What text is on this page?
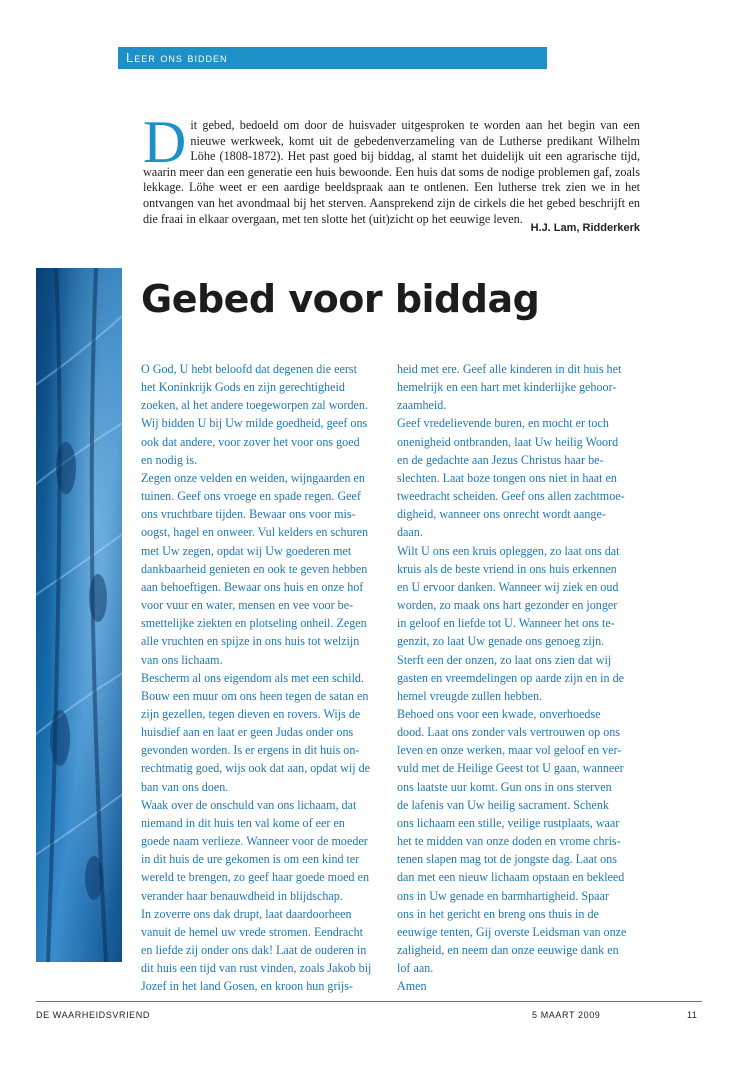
Leer ons bidden
Dit gebed, bedoeld om door de huisvader uitgesproken te worden aan het begin van een nieuwe werkweek, komt uit de gebedenverzameling van de Lutherse predikant Wilhelm Löhe (1808-1872). Het past goed bij biddag, al stamt het duidelijk uit een agrarische tijd, waarin meer dan een generatie een huis bewoonde. Een huis dat soms de nodige problemen gaf, zoals lekkage. Löhe weet er een aardige beeldspraak aan te ontlenen. Een lutherse trek zien we in het ontvangen van het avondmaal bij het sterven. Aansprekend zijn de cirkels die het gebed beschrijft en die fraai in elkaar overgaan, met ten slotte het (uit)zicht op het eeuwige leven.
H.J. Lam, Ridderkerk
Gebed voor biddag
O God, U hebt beloofd dat degenen die eerst
het Koninkrijk Gods en zijn gerechtigheid
zoeken, al het andere toegeworpen zal worden.
Wij bidden U bij Uw milde goedheid, geef ons
ook dat andere, voor zover het voor ons goed
en nodig is.
Zegen onze velden en weiden, wijngaarden en
tuinen. Geef ons vroege en spade regen. Geef
ons vruchtbare tijden. Bewaar ons voor mis-
oogst, hagel en onweer. Vul kelders en schuren
met Uw zegen, opdat wij Uw goederen met
dankbaarheid genieten en ook te geven hebben
aan behoeftigen. Bewaar ons huis en onze hof
voor vuur en water, mensen en vee voor be-
smettelijke ziekten en plotseling onheil. Zegen
alle vruchten en spijze in ons huis tot welzijn
van ons lichaam.
Bescherm al ons eigendom als met een schild.
Bouw een muur om ons heen tegen de satan en
zijn gezellen, tegen dieven en rovers. Wijs de
huisdief aan en laat er geen Judas onder ons
gevonden worden. Is er ergens in dit huis on-
rechtmatig goed, wijs ook dat aan, opdat wij de
ban van ons doen.
Waak over de onschuld van ons lichaam, dat
niemand in dit huis ten val kome of eer en
goede naam verlieze. Wanneer voor de moeder
in dit huis de ure gekomen is om een kind ter
wereld te brengen, zo geef haar goede moed en
verander haar benauwdheid in blijdschap.
In zoverre ons dak drupt, laat daardoorheen
vanuit de hemel uw vrede stromen. Eendracht
en liefde zij onder ons dak! Laat de ouderen in
dit huis een tijd van rust vinden, zoals Jakob bij
Jozef in het land Gosen, en kroon hun grijs-
heid met ere. Geef alle kinderen in dit huis het
hemelrijk en een hart met kinderlijke gehoor-
zaamheid.
Geef vredelievende buren, en mocht er toch
onenigheid ontbranden, laat Uw heilig Woord
en de gedachte aan Jezus Christus haar be-
slechten. Laat boze tongen ons niet in haat en
tweedracht scheiden. Geef ons allen zachtmoe-
digheid, wanneer ons onrecht wordt aange-
daan.
Wilt U ons een kruis opleggen, zo laat ons dat
kruis als de beste vriend in ons huis erkennen
en U ervoor danken. Wanneer wij ziek en oud
worden, zo maak ons hart gezonder en jonger
in geloof en liefde tot U. Wanneer het ons te-
genzit, zo laat Uw genade ons genoeg zijn.
Sterft een der onzen, zo laat ons zien dat wij
gasten en vreemdelingen op aarde zijn en in de
hemel vreugde zullen hebben.
Behoed ons voor een kwade, onverhoedse
dood. Laat ons zonder vals vertrouwen op ons
leven en onze werken, maar vol geloof en ver-
vuld met de Heilige Geest tot U gaan, wanneer
ons laatste uur komt. Gun ons in ons sterven
de lafenis van Uw heilig sacrament. Schenk
ons lichaam een stille, veilige rustplaats, waar
het te midden van onze doden en vrome chris-
tenen slapen mag tot de jongste dag. Laat ons
dan met een nieuw lichaam opstaan en bekleed
ons in Uw genade en barmhartigheid. Spaar
ons in het gericht en breng ons thuis in de
eeuwige tenten, Gij overste Leidsman van onze
zaligheid, en neem dan onze eeuwige dank en
lof aan.
Amen
DE WAARHEIDSVRIEND	5 MAART 2009	11
